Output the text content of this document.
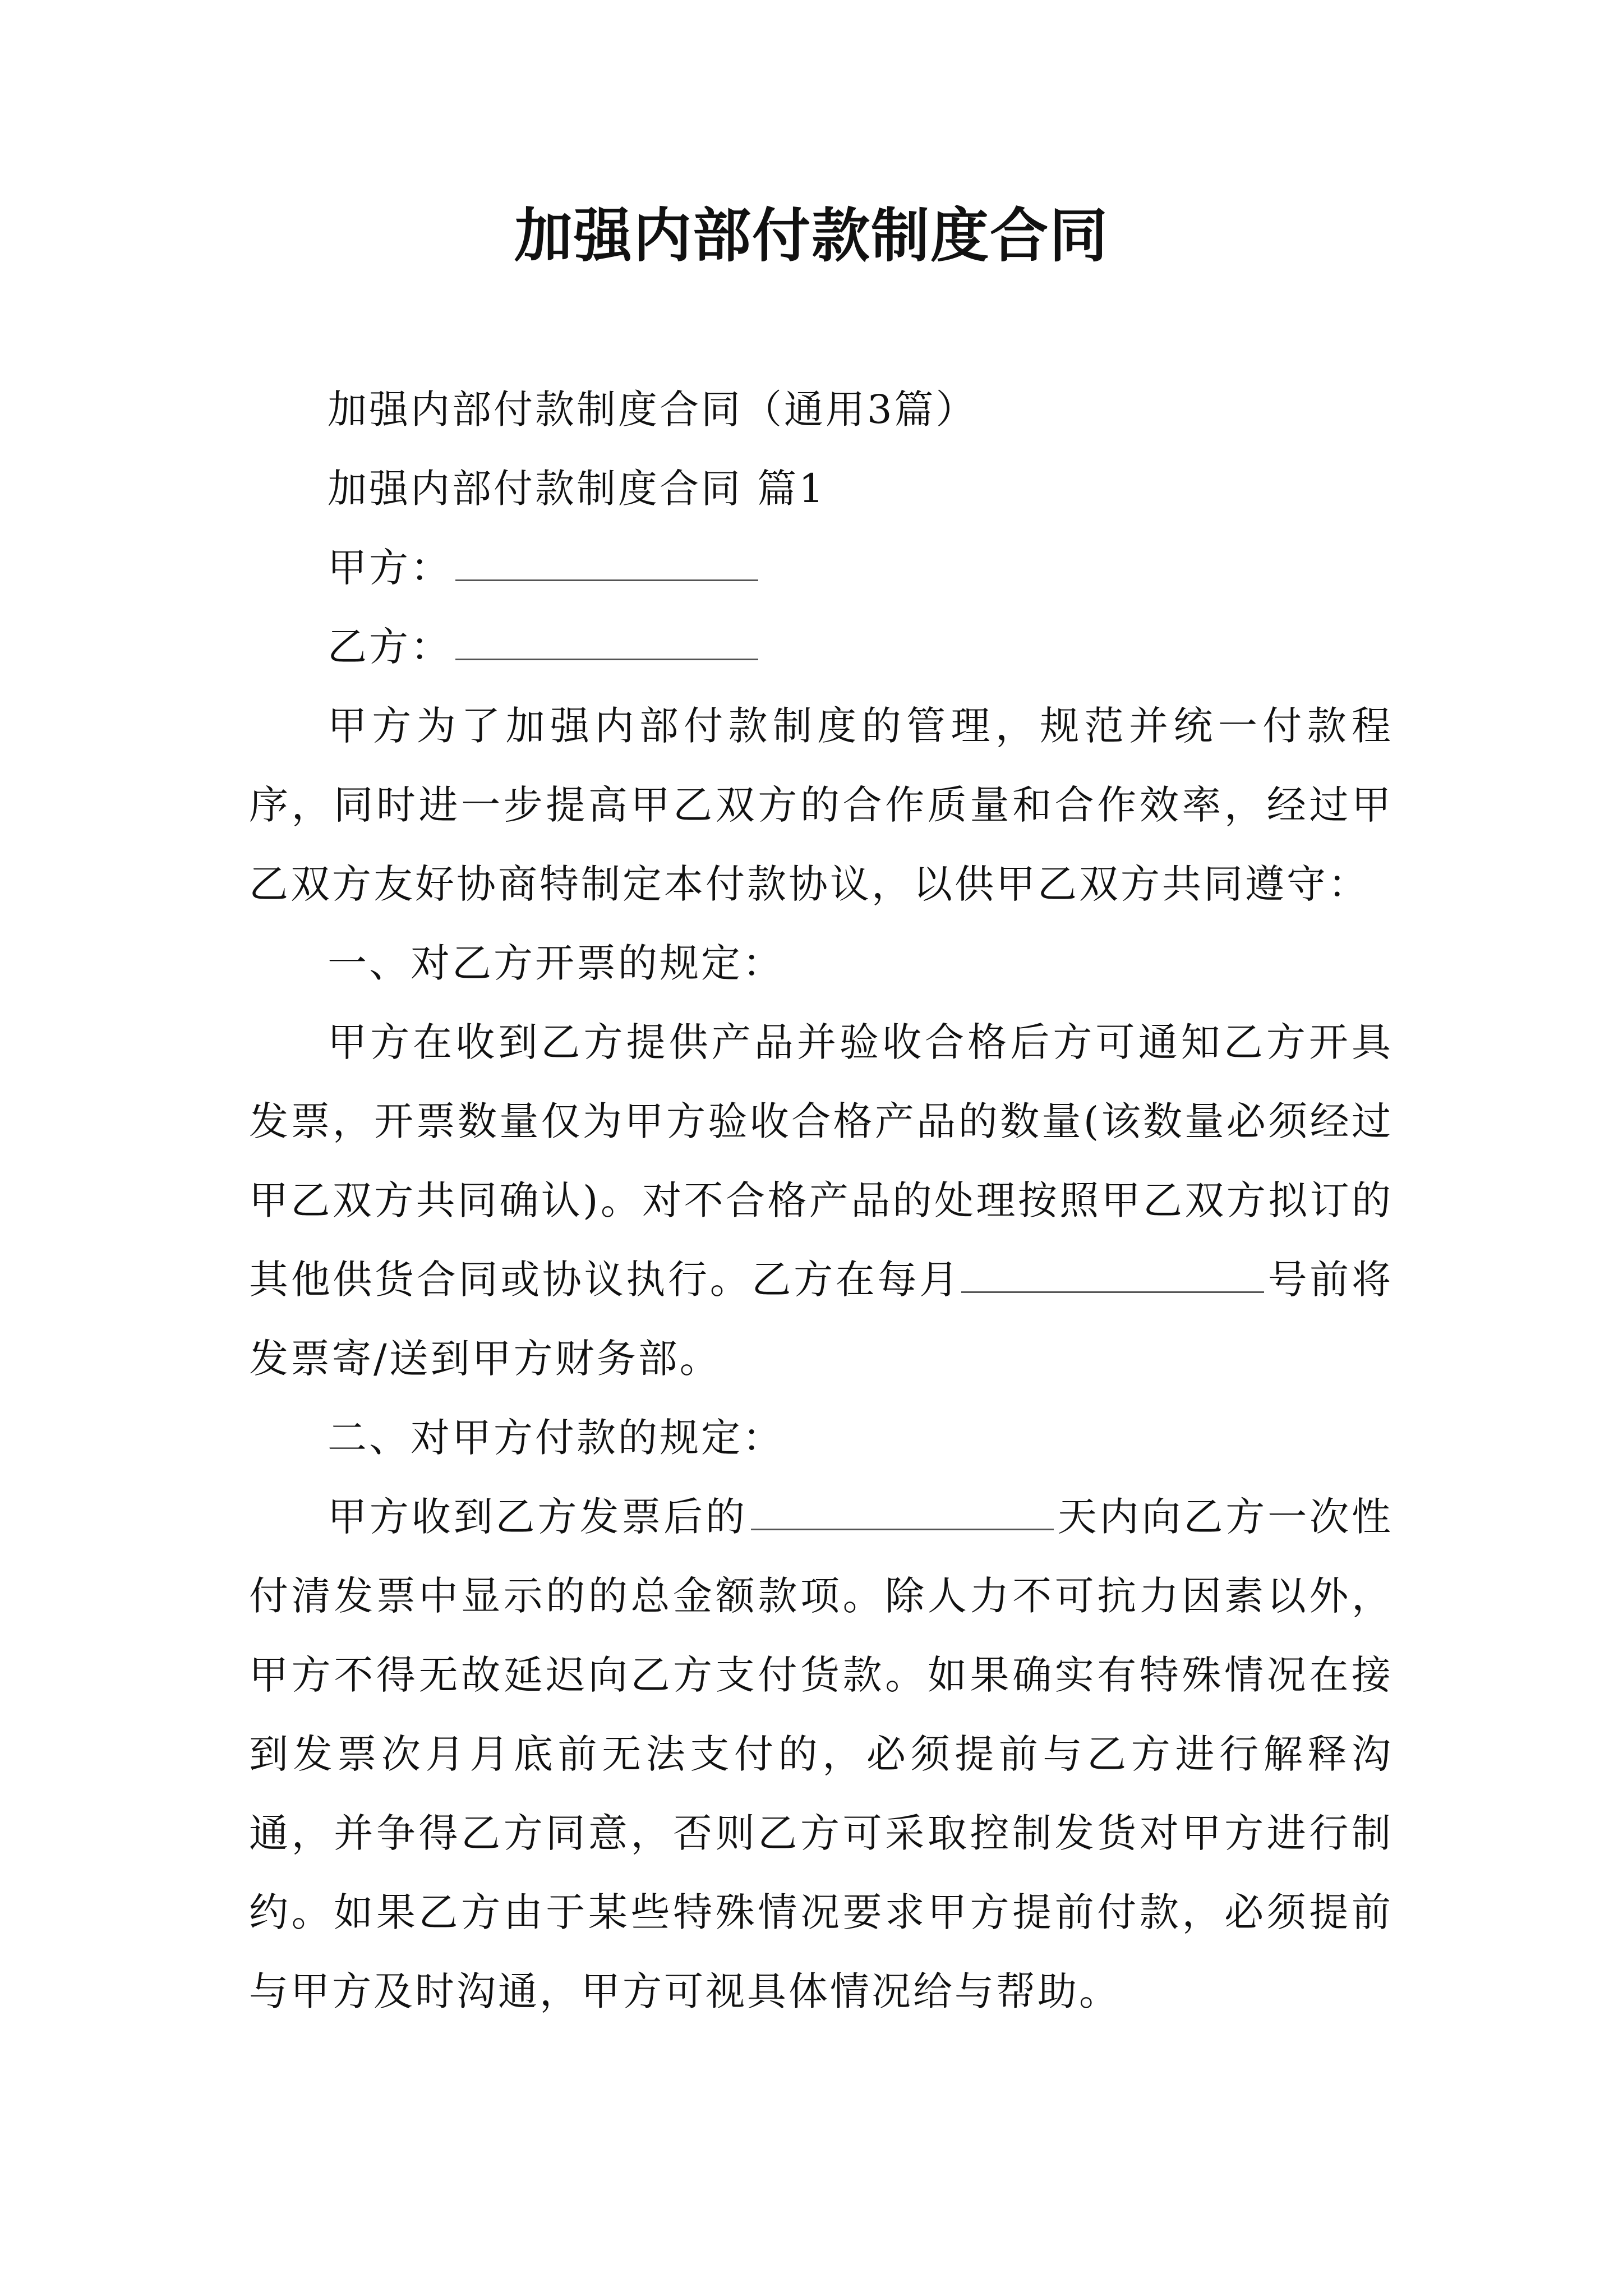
加强内部付款制度合同

加强内部付款制度合同（通用3篇）

加强内部付款制度合同 篇1

甲方：

乙方：

甲方为了加强内部付款制度的管理，规范并统一付款程序，同时进一步提高甲乙双方的合作质量和合作效率，经过甲乙双方友好协商特制定本付款协议，以供甲乙双方共同遵守：

一、对乙方开票的规定：

甲方在收到乙方提供产品并验收合格后方可通知乙方开具发票，开票数量仅为甲方验收合格产品的数量(该数量必须经过甲乙双方共同确认)。对不合格产品的处理按照甲乙双方拟订的其他供货合同或协议执行。乙方在每月	号前将发票寄/送到甲方财务部。

二、对甲方付款的规定：

甲方收到乙方发票后的	天内向乙方一次性付清发票中显示的的总金额款项。除人力不可抗力因素以外，甲方不得无故延迟向乙方支付货款。如果确实有特殊情况在接到发票次月月底前无法支付的，必须提前与乙方进行解释沟通，并争得乙方同意，否则乙方可采取控制发货对甲方进行制约。如果乙方由于某些特殊情况要求甲方提前付款，必须提前与甲方及时沟通，甲方可视具体情况给与帮助。
